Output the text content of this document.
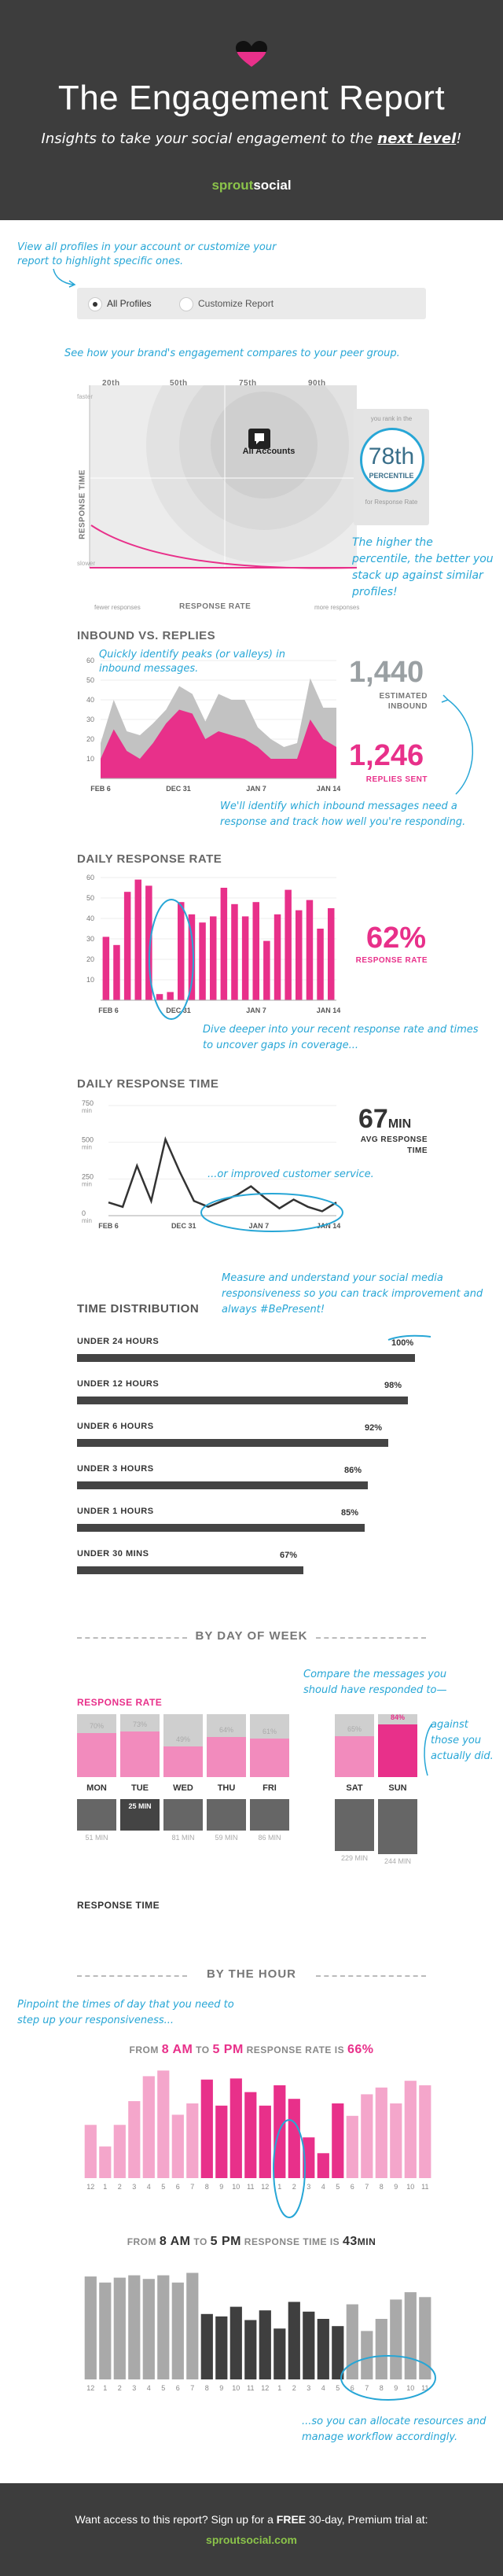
The Engagement Report
Insights to take your social engagement to the next level!
sproutsocial
View all profiles in your account or customize your report to highlight specific ones.
All Profiles	Customize Report
See how your brand's engagement compares to your peer group.
20th	50th	75th	90th
All Accounts
faster
slower
RESPONSE TIME
fewer responses	RESPONSE RATE	more responses
you rank in the
78th
PERCENTILE
for Response Rate
The higher the percentile, the better you stack up against similar profiles!
INBOUND VS. REPLIES
Quickly identify peaks (or valleys) in inbound messages.
60
50
40
30
20
10
FEB 6	DEC 31	JAN 7	JAN 14
1,440
ESTIMATED
INBOUND
1,246
REPLIES SENT
We'll identify which inbound messages need a response and track how well you're responding.
DAILY RESPONSE RATE
60
50
40
30
20
10
FEB 6	DEC 31	JAN 7	JAN 14
62%
RESPONSE RATE
Dive deeper into your recent response rate and times to uncover gaps in coverage...
DAILY RESPONSE TIME
750
min
500
min
250
min
0
min
FEB 6	DEC 31	JAN 7	JAN 14
67MIN
AVG RESPONSE
TIME
...or improved customer service.
Measure and understand your social media responsiveness so you can track improvement and always #BePresent!
TIME DISTRIBUTION
UNDER 24 HOURS	100%
UNDER 12 HOURS	98%
UNDER 6 HOURS	92%
UNDER 3 HOURS	86%
UNDER 1 HOURS	85%
UNDER 30 MINS	67%
BY DAY OF WEEK
Compare the messages you should have responded to—
against those you actually did.
RESPONSE RATE
70%
MON
51 MIN
73%
TUE
25 MIN
49%
WED
81 MIN
64%
THU
59 MIN
61%
FRI
86 MIN
65%
SAT
229 MIN
84%
SUN
244 MIN
RESPONSE TIME
BY THE HOUR
Pinpoint the times of day that you need to step up your responsiveness...
FROM 8 AM TO 5 PM RESPONSE RATE IS 66%
12 1 2 3 4 5 6 7 8 9 10 11 12 1 2 3 4 5 6 7 8 9 10 11
FROM 8 AM TO 5 PM RESPONSE TIME IS 43MIN
12 1 2 3 4 5 6 7 8 9 10 11 12 1 2 3 4 5 6 7 8 9 10 11
...so you can allocate resources and manage workflow accordingly.
Want access to this report? Sign up for a FREE 30-day, Premium trial at:
sproutsocial.com
